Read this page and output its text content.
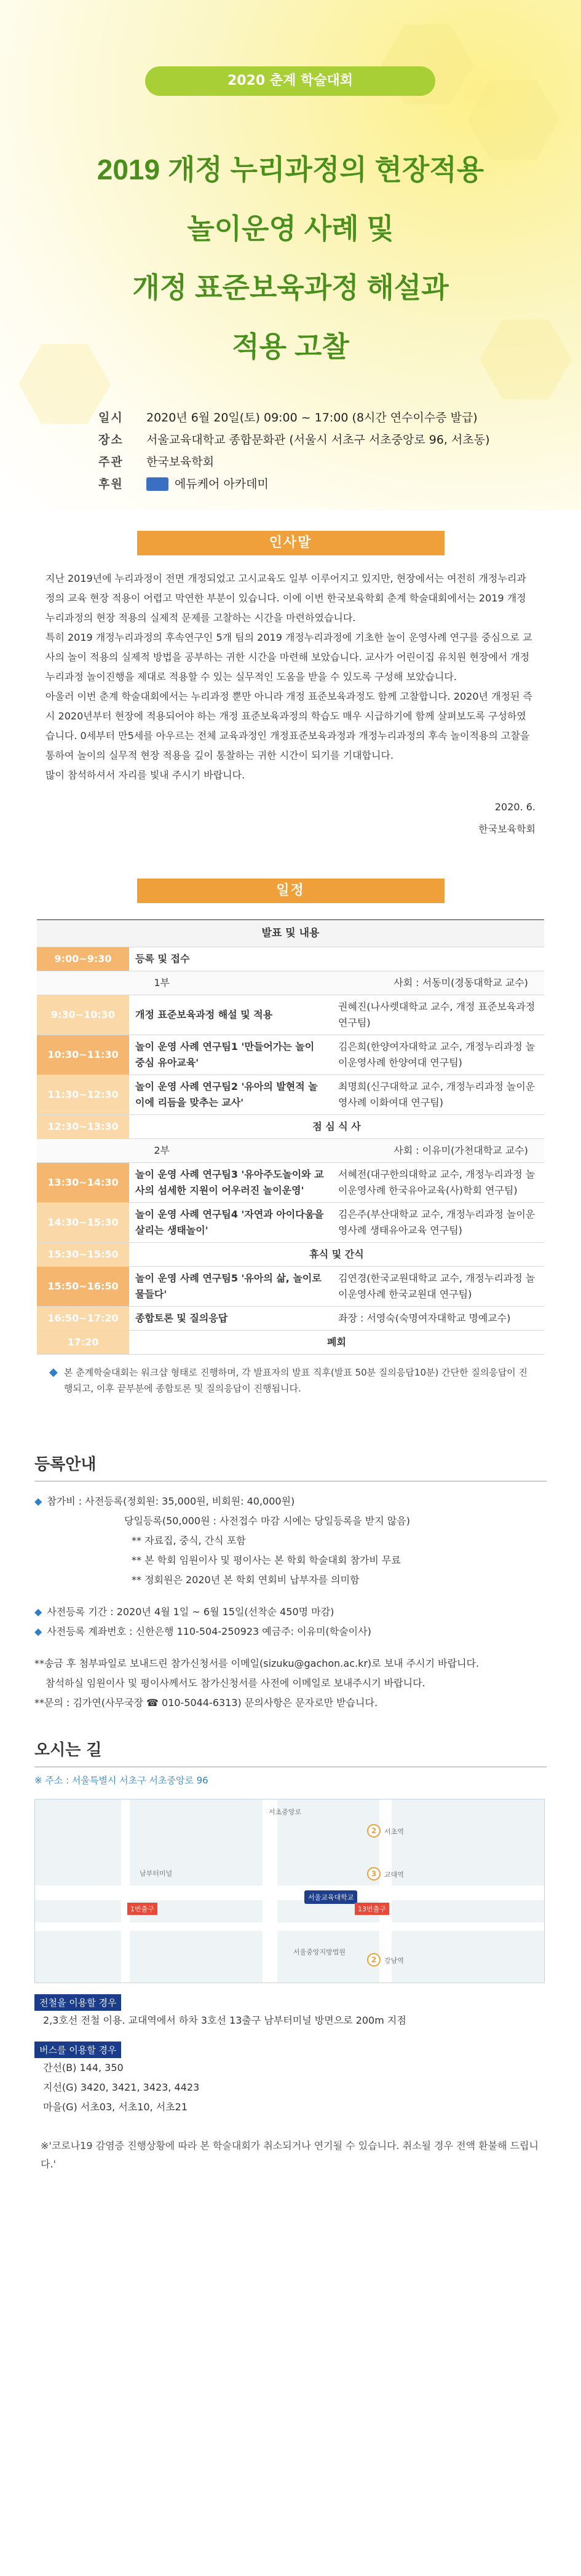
2020 춘계 학술대회
2019 개정 누리과정의 현장적용
놀이운영 사례 및
개정 표준보육과정 해설과
적용 고찰
일시	2020년 6월 20일(토) 09:00 ~ 17:00 (8시간 연수이수증 발급)
장소	서울교육대학교 종합문화관 (서울시 서초구 서초중앙로 96, 서초동)
주관	한국보육학회
후원	에듀케어 아카데미
인사말

지난 2019년에 누리과정이 전면 개정되었고 고시교육도 일부 이루어지고 있지만, 현장에서는 여전히 개정누리과정의 교육 현장 적용이 어렵고 막연한 부분이 있습니다. 이에 이번 한국보육학회 춘계 학술대회에서는 2019 개정누리과정의 현장 적용의 실제적 문제를 고찰하는 시간을 마련하였습니다.

특히 2019 개정누리과정의 후속연구인 5개 팀의 2019 개정누리과정에 기초한 놀이 운영사례 연구를 중심으로 교사의 놀이 적용의 실제적 방법을 공부하는 귀한 시간을 마련해 보았습니다. 교사가 어린이집 유치원 현장에서 개정 누리과정 놀이진행을 제대로 적용할 수 있는 실무적인 도움을 받을 수 있도록 구성해 보았습니다.

아울러 이번 춘계 학술대회에서는 누리과정 뿐만 아니라 개정 표준보육과정도 함께 고찰합니다. 2020년 개정된 즉시 2020년부터 현장에 적용되어야 하는 개정 표준보육과정의 학습도 매우 시급하기에 함께 살펴보도록 구성하였습니다. 0세부터 만5세를 아우르는 전체 교육과정인 개정표준보육과정과 개정누리과정의 후속 놀이적용의 고찰을 통하여 놀이의 실무적 현장 적용을 깊이 통찰하는 귀한 시간이 되기를 기대합니다.

많이 참석하셔서 자리를 빛내 주시기 바랍니다.

2020. 6.
한국보육학회
일정
발표 및 내용		
9:00~9:30	등록 및 접수	
1부 사회 : 서동미(경동대학교 교수)		
9:30~10:30	개정 표준보육과정 해설 및 적용	권혜진(나사렛대학교 교수, 개정 표준보육과정 연구팀)
10:30~11:30	놀이 운영 사례 연구팀1 '만들어가는 놀이 중심 유아교육'	김은희(한양여자대학교 교수, 개정누리과정 놀이운영사례 한양여대 연구팀)
11:30~12:30	놀이 운영 사례 연구팀2 '유아의 발현적 놀이에 리듬을 맞추는 교사'	최명희(신구대학교 교수, 개정누리과정 놀이운영사례 이화여대 연구팀)
12:30~13:30	점 심 식 사	
2부 사회 : 이유미(가천대학교 교수)		
13:30~14:30	놀이 운영 사례 연구팀3 '유아주도놀이와 교사의 섬세한 지원이 어우러진 놀이운영'	서혜전(대구한의대학교 교수, 개정누리과정 놀이운영사례 한국유아교육(사)학회 연구팀)
14:30~15:30	놀이 운영 사례 연구팀4 '자연과 아이다움을 살리는 생태놀이'	김은주(부산대학교 교수, 개정누리과정 놀이운영사례 생태유아교육 연구팀)
15:30~15:50	휴식 및 간식	
15:50~16:50	놀이 운영 사례 연구팀5 '유아의 삶, 놀이로 물들다'	김연경(한국교원대학교 교수, 개정누리과정 놀이운영사례 한국교원대 연구팀)
16:50~17:20	종합토론 및 질의응답	좌장 : 서영숙(숙명여자대학교 명예교수)
17:20	폐회	
◆ 본 춘계학술대회는 워크샵 형태로 진행하며, 각 발표자의 발표 직후(발표 50분 질의응답10분) 간단한 질의응답이 진행되고, 이후 끝부분에 종합토론 및 질의응답이 진행됩니다.
등록안내
◆ 참가비 : 사전등록(정회원: 35,000원, 비회원: 40,000원)
당일등록(50,000원 : 사전접수 마감 시에는 당일등록을 받지 않음)
** 자료집, 중식, 간식 포함
** 본 학회 임원이사 및 평이사는 본 학회 학술대회 참가비 무료
** 정회원은 2020년 본 학회 연회비 납부자를 의미함
◆ 사전등록 기간 : 2020년 4월 1일 ~ 6월 15일(선착순 450명 마감)
◆ 사전등록 계좌번호 : 신한은행 110-504-250923 예금주: 이유미(학술이사)
**송금 후 첨부파일로 보내드린 참가신청서를 이메일(sizuku@gachon.ac.kr)로 보내 주시기 바랍니다.
참석하실 임원이사 및 평이사께서도 참가신청서를 사전에 이메일로 보내주시기 바랍니다.
**문의 : 김가연(사무국장 ☎ 010-5044-6313) 문의사항은 문자로만 받습니다.
오시는 길
※ 주소 : 서울특별시 서초구 서초중앙로 96
서울교육대학교
2	서초역
3	교대역
남부터미널
서울중앙지방법원
1번출구	13번출구
2	강남역
서초중앙로
전철을 이용할 경우
2,3호선 전철 이용. 교대역에서 하차 3호선 13출구 남부터미널 방면으로 200m 지점
버스를 이용할 경우
간선(B) 144, 350
지선(G) 3420, 3421, 3423, 4423
마을(G) 서초03, 서초10, 서초21
※'코로나19 감염증 진행상황에 따라 본 학술대회가 취소되거나 연기될 수 있습니다. 취소될 경우 전액 환불해 드립니다.'
